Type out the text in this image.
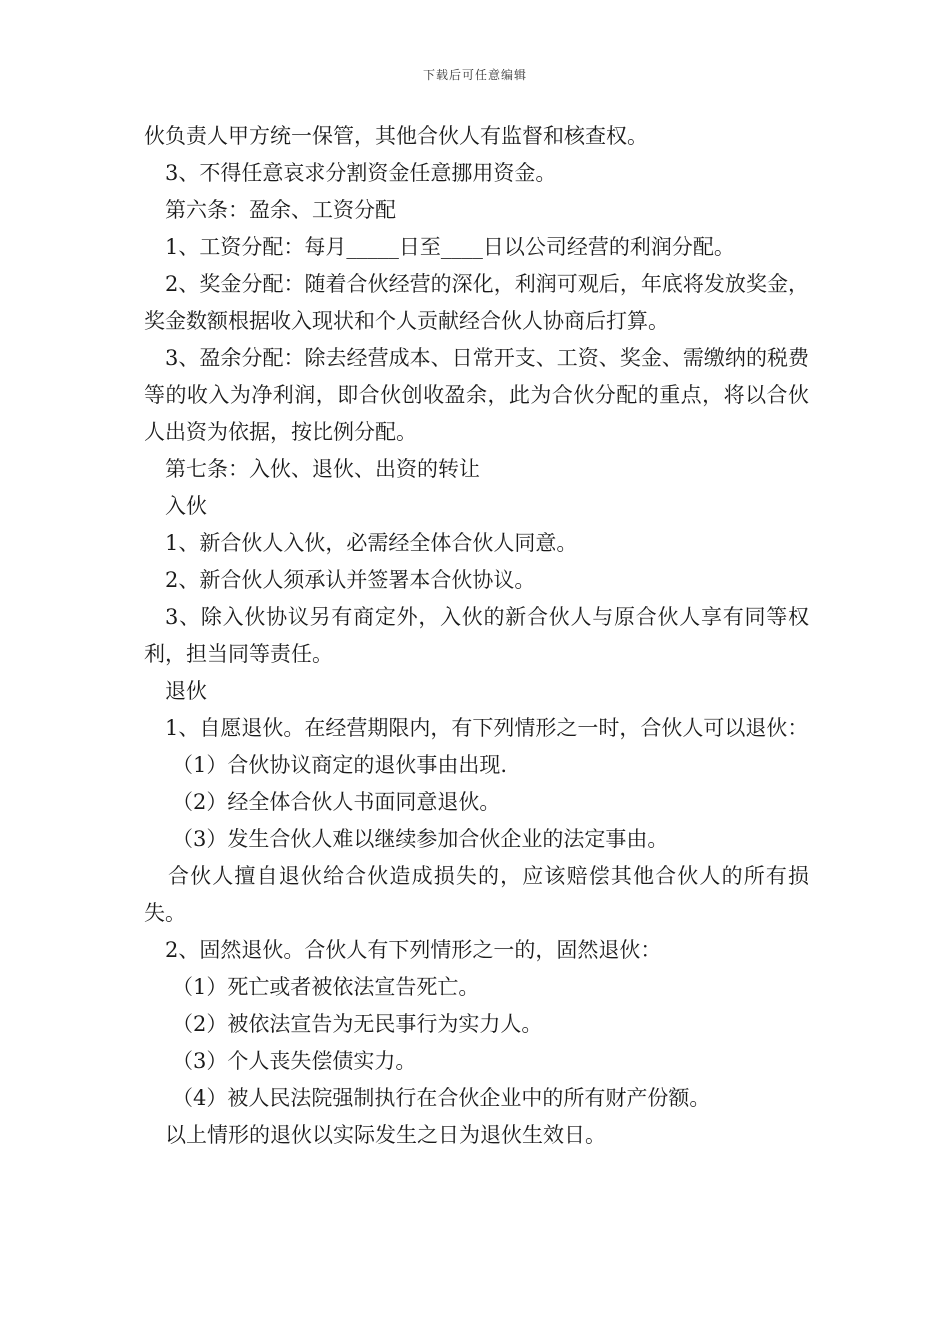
下载后可任意编辑

伙负责人甲方统一保管，其他合伙人有监督和核查权。

3、不得任意哀求分割资金任意挪用资金。

第六条：盈余、工资分配

1、工资分配：每月_____日至____日以公司经营的利润分配。

2、奖金分配：随着合伙经营的深化，利润可观后，年底将发放奖金，奖金数额根据收入现状和个人贡献经合伙人协商后打算。

3、盈余分配：除去经营成本、日常开支、工资、奖金、需缴纳的税费等的收入为净利润，即合伙创收盈余，此为合伙分配的重点，将以合伙人出资为依据，按比例分配。

第七条：入伙、退伙、出资的转让

入伙

1、新合伙人入伙，必需经全体合伙人同意。

2、新合伙人须承认并签署本合伙协议。

3、除入伙协议另有商定外，入伙的新合伙人与原合伙人享有同等权利，担当同等责任。

退伙

1、自愿退伙。在经营期限内，有下列情形之一时，合伙人可以退伙：

（1）合伙协议商定的退伙事由出现.

（2）经全体合伙人书面同意退伙。

（3）发生合伙人难以继续参加合伙企业的法定事由。

合伙人擅自退伙给合伙造成损失的，应该赔偿其他合伙人的所有损失。

2、固然退伙。合伙人有下列情形之一的，固然退伙：

（1）死亡或者被依法宣告死亡。

（2）被依法宣告为无民事行为实力人。

（3）个人丧失偿债实力。

（4）被人民法院强制执行在合伙企业中的所有财产份额。

以上情形的退伙以实际发生之日为退伙生效日。
